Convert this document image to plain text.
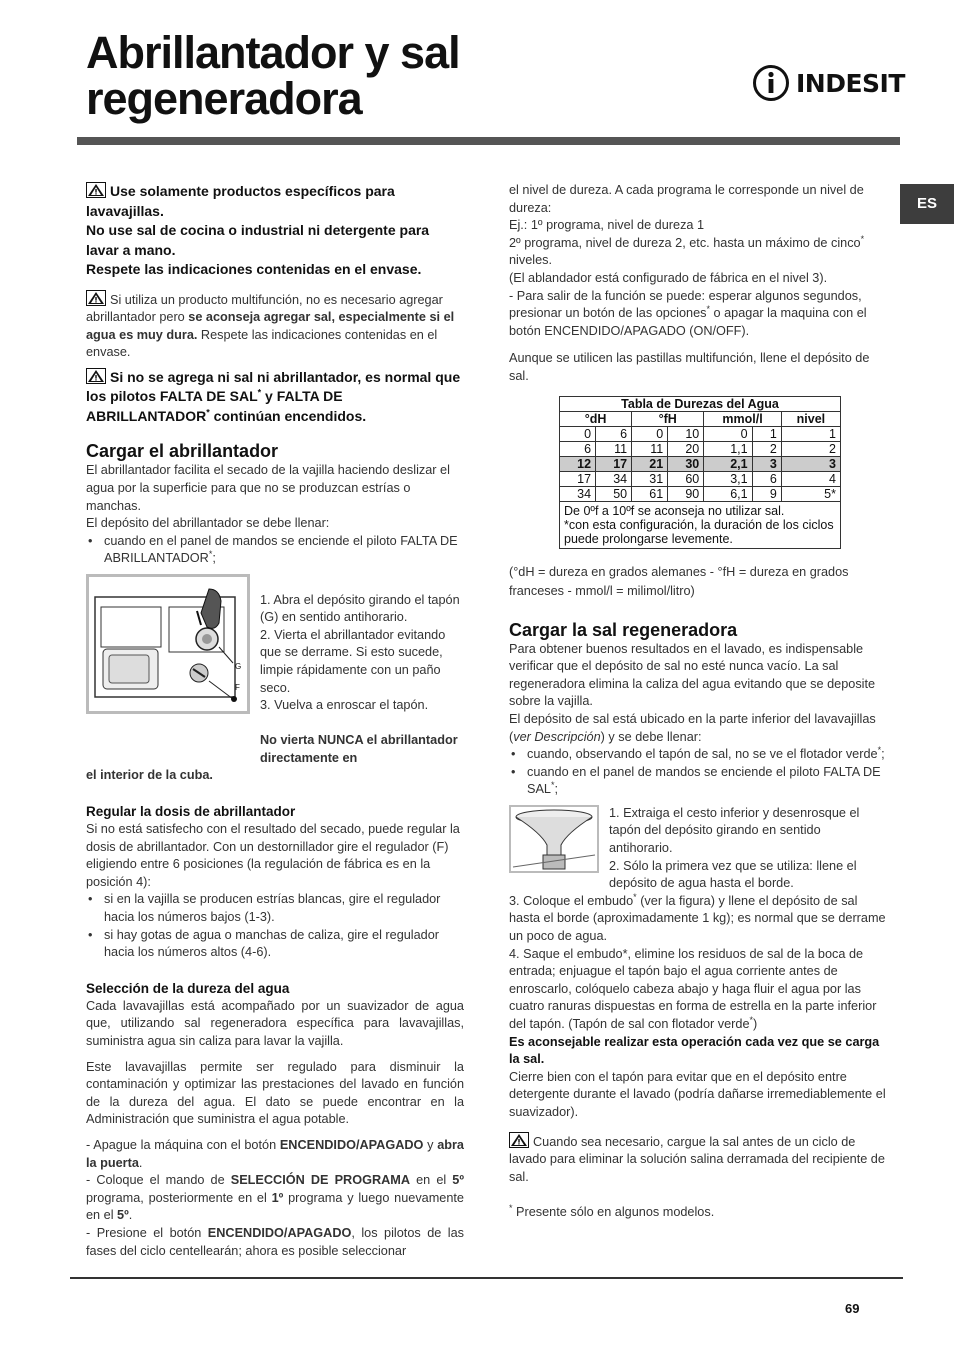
Abrillantador y sal
regeneradora	INDESIT
ES

Use solamente productos específicos para lavavajillas.
No use sal de cocina o industrial ni detergente para lavar a mano.
Respete las indicaciones contenidas en el envase.

Si utiliza un producto multifunción, no es necesario agregar abrillantador pero se aconseja agregar sal, especialmente si el agua es muy dura. Respete las indicaciones contenidas en el envase.

Si no se agrega ni sal ni abrillantador, es normal que los pilotos FALTA DE SAL* y FALTA DE ABRILLANTADOR* continúan encendidos.

Cargar el abrillantador

El abrillantador facilita el secado de la vajilla haciendo deslizar el agua por la superficie para que no se produzcan estrías o manchas.

El depósito del abrillantador se debe llenar:

• cuando en el panel de mandos se enciende el piloto FALTA DE ABRILLANTADOR*;
G
F

1. Abra el depósito girando el tapón (G) en sentido antihorario.
2. Vierta el abrillantador evitando que se derrame. Si esto sucede, limpie rápidamente con un paño seco.
3. Vuelva a enroscar el tapón.

No vierta NUNCA el abrillantador directamente en

el interior de la cuba.

Regular la dosis de abrillantador

Si no está satisfecho con el resultado del secado, puede regular la dosis de abrillantador. Con un destornillador gire el regulador (F) eligiendo entre 6 posiciones (la regulación de fábrica es en la posición 4):

• si en la vajilla se producen estrías blancas, gire el regulador hacia los números bajos (1-3).
• si hay gotas de agua o manchas de caliza, gire el regulador hacia los números altos (4-6).
Selección de la dureza del agua

Cada lavavajillas está acompañado por un suavizador de agua que, utilizando sal regeneradora específica para lavavajillas, suministra agua sin caliza para lavar la vajilla.

Este lavavajillas permite ser regulado para disminuir la contaminación y optimizar las prestaciones del lavado en función de la dureza del agua. El dato se puede encontrar en la Administración que suministra el agua potable.

- Apague la máquina con el botón ENCENDIDO/APAGADO y abra la puerta.

- Coloque el mando de SELECCIÓN DE PROGRAMA en el 5º programa, posteriormente en el 1º programa y luego nuevamente en el 5º.

- Presione el botón ENCENDIDO/APAGADO, los pilotos de las fases del ciclo centellearán; ahora es posible seleccionar

el nivel de dureza. A cada programa le corresponde un nivel de dureza:

Ej.: 1º programa, nivel de dureza 1

2º programa, nivel de dureza 2, etc. hasta un máximo de cinco* niveles.

(El ablandador está configurado de fábrica en el nivel 3).

- Para salir de la función se puede: esperar algunos segundos, presionar un botón de las opciones* o apagar la maquina con el botón ENCENDIDO/APAGADO (ON/OFF).

Aunque se utilicen las pastillas multifunción, llene el depósito de sal.

Tabla de Durezas del Agua						
°dH		°fH		mmol/l		nivel
0	6	0	10	0	1	1
6	11	11	20	1,1	2	2
12	17	21	30	2,1	3	3
17	34	31	60	3,1	6	4
34	50	61	90	6,1	9	5*
De 0ºf a 10ºf se aconseja no utilizar sal.
*con esta configuración, la duración de los ciclos puede prolongarse levemente.						

(°dH = dureza en grados alemanes - °fH = dureza en grados franceses - mmol/l = milimol/litro)

Cargar la sal regeneradora

Para obtener buenos resultados en el lavado, es indispensable verificar que el depósito de sal no esté nunca vacío. La sal regeneradora elimina la caliza del agua evitando que se deposite sobre la vajilla.

El depósito de sal está ubicado en la parte inferior del lavavajillas (ver Descripción) y se debe llenar:

• cuando, observando el tapón de sal, no se ve el flotador verde*;
• cuando en el panel de mandos se enciende el piloto FALTA DE SAL*;
1. Extraiga el cesto inferior y desenrosque el tapón del depósito girando en sentido antihorario.
2. Sólo la primera vez que se utiliza: llene el depósito de agua hasta el borde.

3. Coloque el embudo* (ver la figura) y llene el depósito de sal hasta el borde (aproximadamente 1 kg); es normal que se derrame un poco de agua.

4. Saque el embudo*, elimine los residuos de sal de la boca de entrada; enjuague el tapón bajo el agua corriente antes de enroscarlo, colóquelo cabeza abajo y haga fluir el agua por las cuatro ranuras dispuestas en forma de estrella en la parte inferior del tapón. (Tapón de sal con flotador verde*)

Es aconsejable realizar esta operación cada vez que se carga la sal.

Cierre bien con el tapón para evitar que en el depósito entre detergente durante el lavado (podría dañarse irremediablemente el suavizador).

Cuando sea necesario, cargue la sal antes de un ciclo de lavado para eliminar la solución salina derramada del recipiente de sal.

* Presente sólo en algunos modelos.

69
